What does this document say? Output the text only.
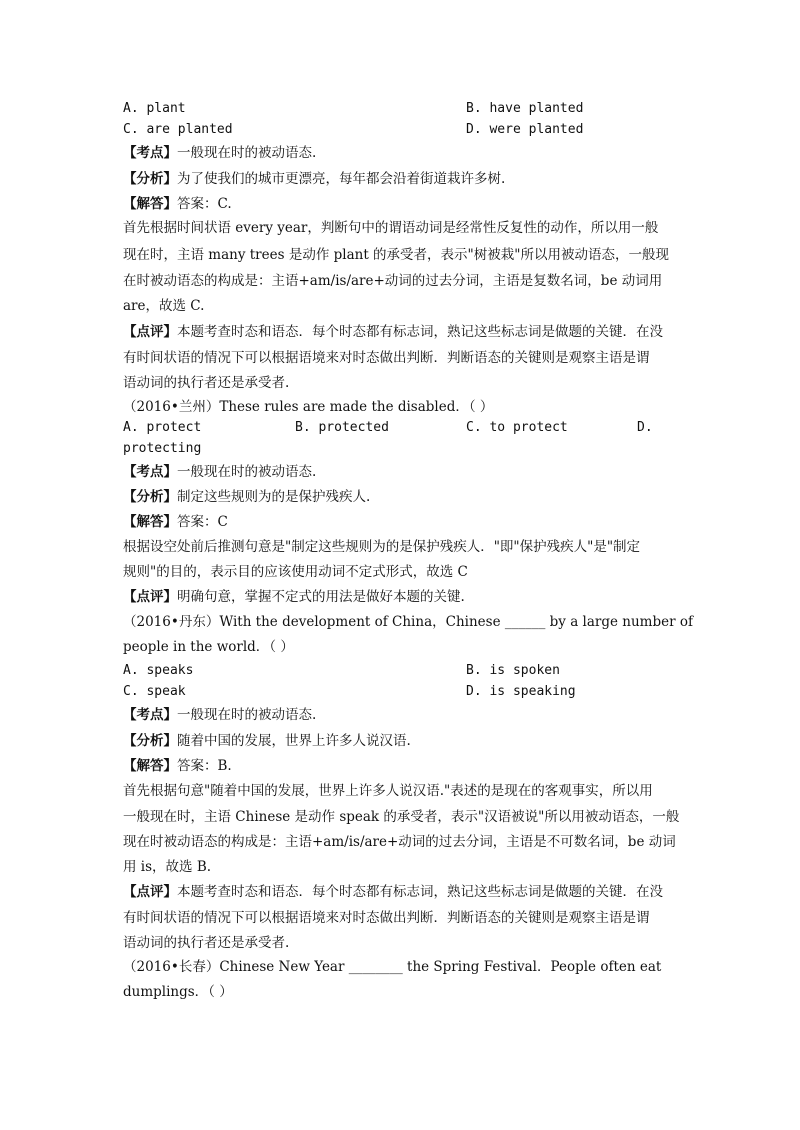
A. plant	B. have planted
C. are planted	D. were planted
【考点】一般现在时的被动语态.
【分析】为了使我们的城市更漂亮，每年都会沿着街道栽许多树.
【解答】答案：C.
首先根据时间状语 every year，判断句中的谓语动词是经常性反复性的动作，所以用一般
现在时，主语 many trees 是动作 plant 的承受者，表示"树被栽"所以用被动语态，一般现
在时被动语态的构成是：主语+am/is/are+动词的过去分词，主语是复数名词，be 动词用
are，故选 C.
【点评】本题考查时态和语态．每个时态都有标志词，熟记这些标志词是做题的关键．在没
有时间状语的情况下可以根据语境来对时态做出判断．判断语态的关键则是观察主语是谓
语动词的执行者还是承受者.
（2016•兰州）These rules are made the disabled．（ ）
A. protect	B. protected	C. to protect	D.
protecting
【考点】一般现在时的被动语态.
【分析】制定这些规则为的是保护残疾人.
【解答】答案：C
根据设空处前后推测句意是"制定这些规则为的是保护残疾人．"即"保护残疾人"是"制定
规则"的目的，表示目的应该使用动词不定式形式，故选 C
【点评】明确句意，掌握不定式的用法是做好本题的关键.
（2016•丹东）With the development of China，Chinese ______ by a large number of
people in the world．（ ）
A. speaks	B. is spoken
C. speak	D. is speaking
【考点】一般现在时的被动语态.
【分析】随着中国的发展，世界上许多人说汉语.
【解答】答案：B.
首先根据句意"随着中国的发展，世界上许多人说汉语."表述的是现在的客观事实，所以用
一般现在时，主语 Chinese 是动作 speak 的承受者，表示"汉语被说"所以用被动语态，一般
现在时被动语态的构成是：主语+am/is/are+动词的过去分词，主语是不可数名词，be 动词
用 is，故选 B.
【点评】本题考查时态和语态．每个时态都有标志词，熟记这些标志词是做题的关键．在没
有时间状语的情况下可以根据语境来对时态做出判断．判断语态的关键则是观察主语是谓
语动词的执行者还是承受者.
（2016•长春）Chinese New Year ________ the Spring Festival．People often eat
dumplings．（ ）
